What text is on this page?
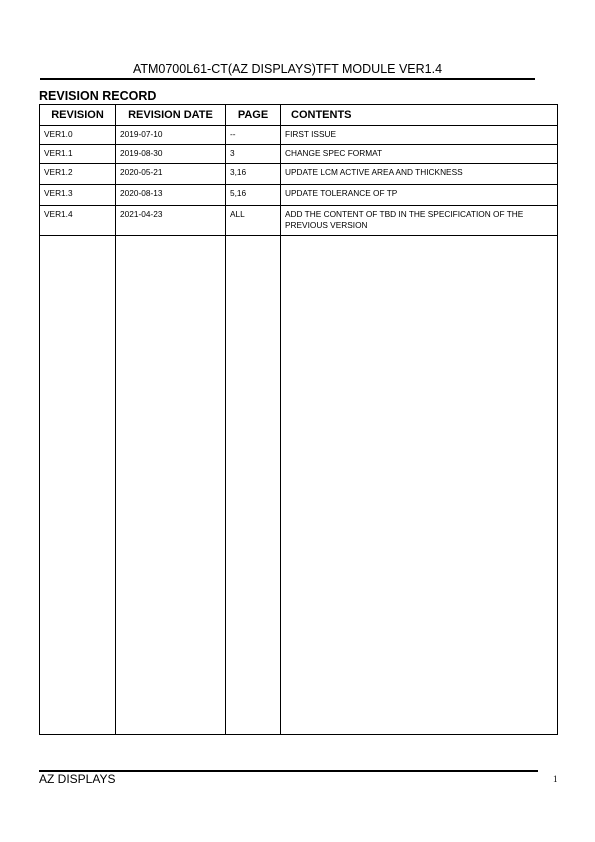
ATM0700L61-CT(AZ DISPLAYS)TFT MODULE VER1.4
REVISION RECORD
REVISION	REVISION DATE	PAGE	CONTENTS
VER1.0	2019-07-10	--	FIRST ISSUE
VER1.1	2019-08-30	3	CHANGE SPEC FORMAT
VER1.2	2020-05-21	3,16	UPDATE LCM ACTIVE AREA AND THICKNESS
VER1.3	2020-08-13	5,16	UPDATE TOLERANCE OF TP
VER1.4	2021-04-23	ALL	ADD THE CONTENT OF TBD IN THE SPECIFICATION OF THE PREVIOUS VERSION

AZ DISPLAYS	1
